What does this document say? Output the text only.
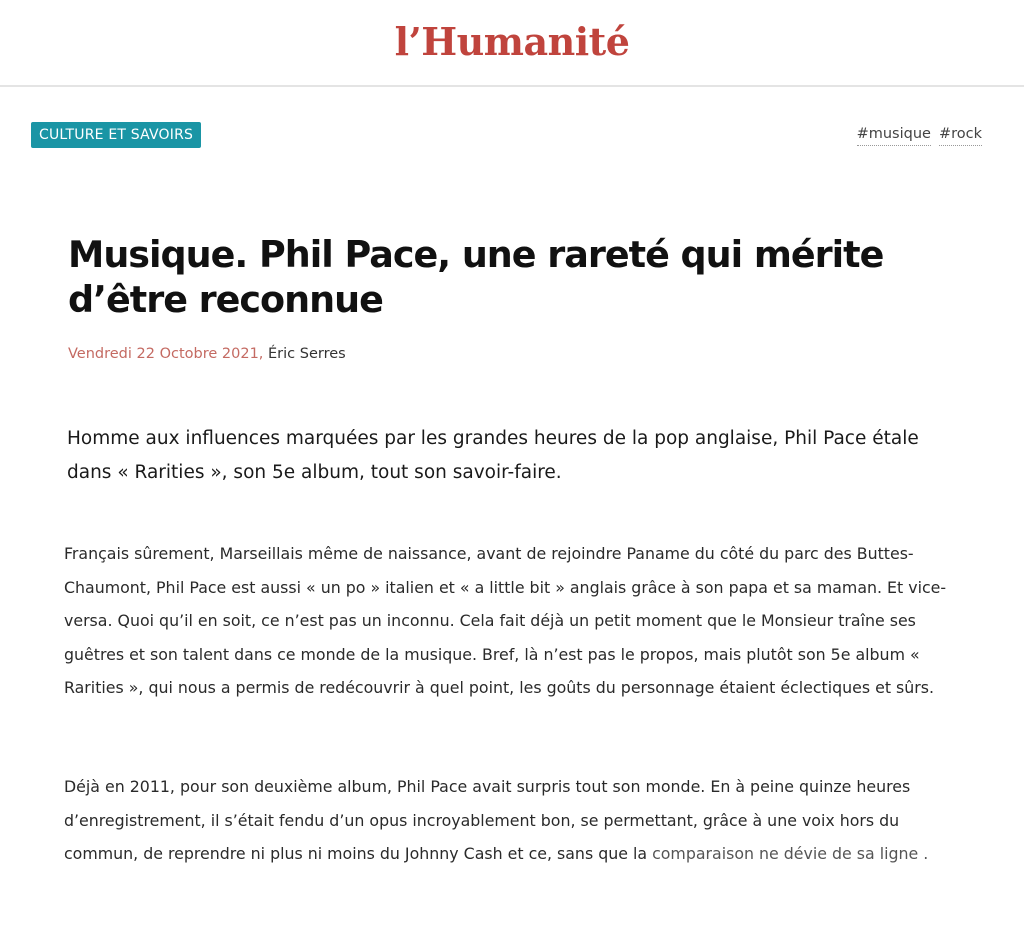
l’Humanité
CULTURE ET SAVOIRS	#musique #rock
Musique. Phil Pace, une rareté qui mérite d’être reconnue
Vendredi 22 Octobre 2021, Éric Serres

Homme aux influences marquées par les grandes heures de la pop anglaise, Phil Pace étale dans « Rarities », son 5e album, tout son savoir-faire.

Français sûrement, Marseillais même de naissance, avant de rejoindre Paname du côté du parc des Buttes-Chaumont, Phil Pace est aussi « un po » italien et « a little bit » anglais grâce à son papa et sa maman. Et vice-versa. Quoi qu’il en soit, ce n’est pas un inconnu. Cela fait déjà un petit moment que le Monsieur traîne ses guêtres et son talent dans ce monde de la musique. Bref, là n’est pas le propos, mais plutôt son 5e album « Rarities », qui nous a permis de redécouvrir à quel point, les goûts du personnage étaient éclectiques et sûrs.

Déjà en 2011, pour son deuxième album, Phil Pace avait surpris tout son monde. En à peine quinze heures d’enregistrement, il s’était fendu d’un opus incroyablement bon, se permettant, grâce à une voix hors du commun, de reprendre ni plus ni moins du Johnny Cash et ce, sans que la comparaison ne dévie de sa ligne .
